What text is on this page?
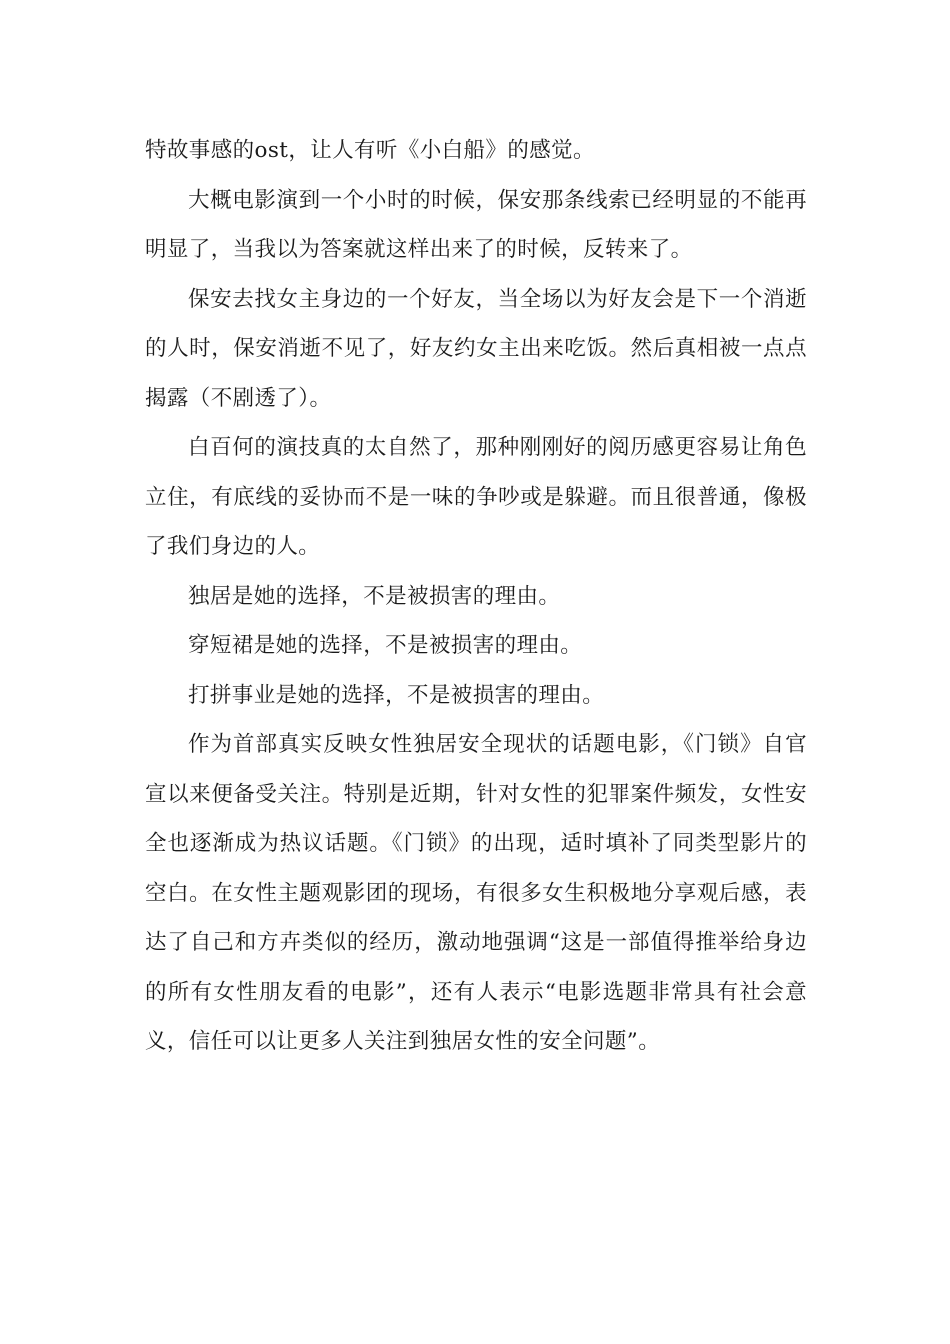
特故事感的ost，让人有听《小白船》的感觉。

大概电影演到一个小时的时候，保安那条线索已经明显的不能再明显了，当我以为答案就这样出来了的时候，反转来了。

保安去找女主身边的一个好友，当全场以为好友会是下一个消逝的人时，保安消逝不见了，好友约女主出来吃饭。然后真相被一点点揭露（不剧透了）。

白百何的演技真的太自然了，那种刚刚好的阅历感更容易让角色立住，有底线的妥协而不是一味的争吵或是躲避。而且很普通，像极了我们身边的人。

独居是她的选择，不是被损害的理由。

穿短裙是她的选择，不是被损害的理由。

打拼事业是她的选择，不是被损害的理由。

作为首部真实反映女性独居安全现状的话题电影，《门锁》自官宣以来便备受关注。特别是近期，针对女性的犯罪案件频发，女性安全也逐渐成为热议话题。《门锁》的出现，适时填补了同类型影片的空白。在女性主题观影团的现场，有很多女生积极地分享观后感，表达了自己和方卉类似的经历，激动地强调“这是一部值得推举给身边的所有女性朋友看的电影”，还有人表示“电影选题非常具有社会意义，信任可以让更多人关注到独居女性的安全问题”。
